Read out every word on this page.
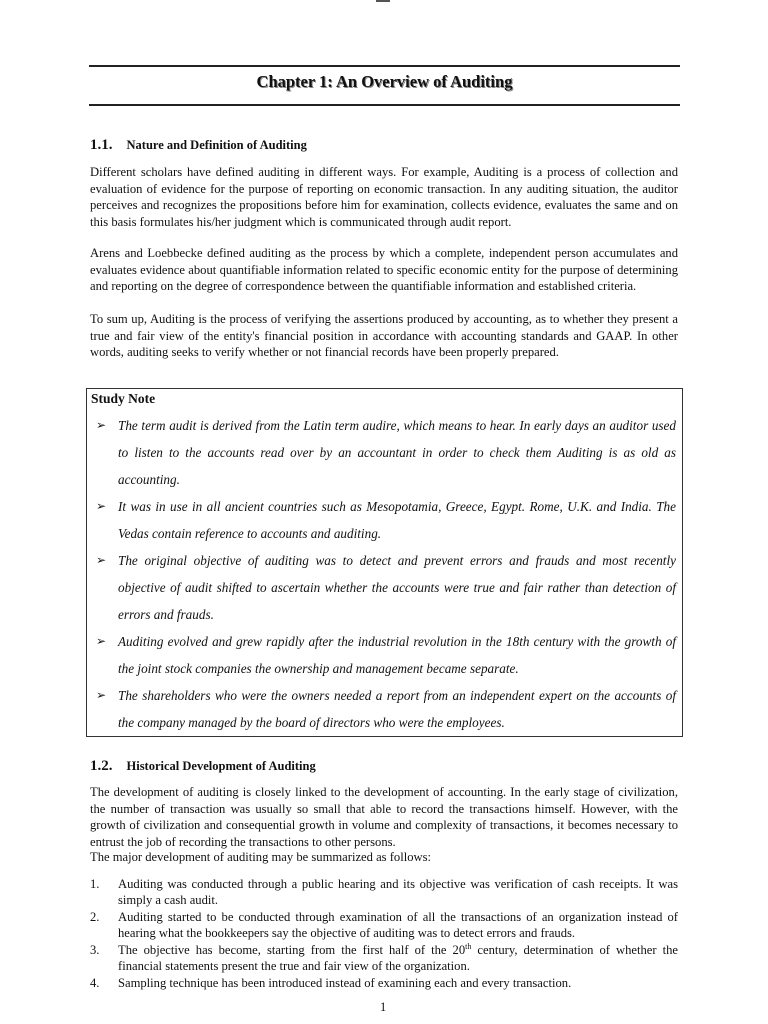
Chapter 1: An Overview of Auditing
1.1. Nature and Definition of Auditing

Different scholars have defined auditing in different ways. For example, Auditing is a process of collection and evaluation of evidence for the purpose of reporting on economic transaction. In any auditing situation, the auditor perceives and recognizes the propositions before him for examination, collects evidence, evaluates the same and on this basis formulates his/her judgment which is communicated through audit report.

Arens and Loebbecke defined auditing as the process by which a complete, independent person accumulates and evaluates evidence about quantifiable information related to specific economic entity for the purpose of determining and reporting on the degree of correspondence between the quantifiable information and established criteria.

To sum up, Auditing is the process of verifying the assertions produced by accounting, as to whether they present a true and fair view of the entity's financial position in accordance with accounting standards and GAAP. In other words, auditing seeks to verify whether or not financial records have been properly prepared.

Study Note
➢ The term audit is derived from the Latin term audire, which means to hear. In early days an auditor used to listen to the accounts read over by an accountant in order to check them Auditing is as old as accounting.
➢ It was in use in all ancient countries such as Mesopotamia, Greece, Egypt. Rome, U.K. and India. The Vedas contain reference to accounts and auditing.
➢ The original objective of auditing was to detect and prevent errors and frauds and most recently objective of audit shifted to ascertain whether the accounts were true and fair rather than detection of errors and frauds.
➢ Auditing evolved and grew rapidly after the industrial revolution in the 18th century with the growth of the joint stock companies the ownership and management became separate.
➢ The shareholders who were the owners needed a report from an independent expert on the accounts of the company managed by the board of directors who were the employees.
1.2. Historical Development of Auditing

The development of auditing is closely linked to the development of accounting. In the early stage of civilization, the number of transaction was usually so small that able to record the transactions himself. However, with the growth of civilization and consequential growth in volume and complexity of transactions, it becomes necessary to entrust the job of recording the transactions to other persons.

The major development of auditing may be summarized as follows:

1. Auditing was conducted through a public hearing and its objective was verification of cash receipts. It was simply a cash audit.
2. Auditing started to be conducted through examination of all the transactions of an organization instead of hearing what the bookkeepers say the objective of auditing was to detect errors and frauds.
3. The objective has become, starting from the first half of the 20th century, determination of whether the financial statements present the true and fair view of the organization.
4. Sampling technique has been introduced instead of examining each and every transaction.
1
